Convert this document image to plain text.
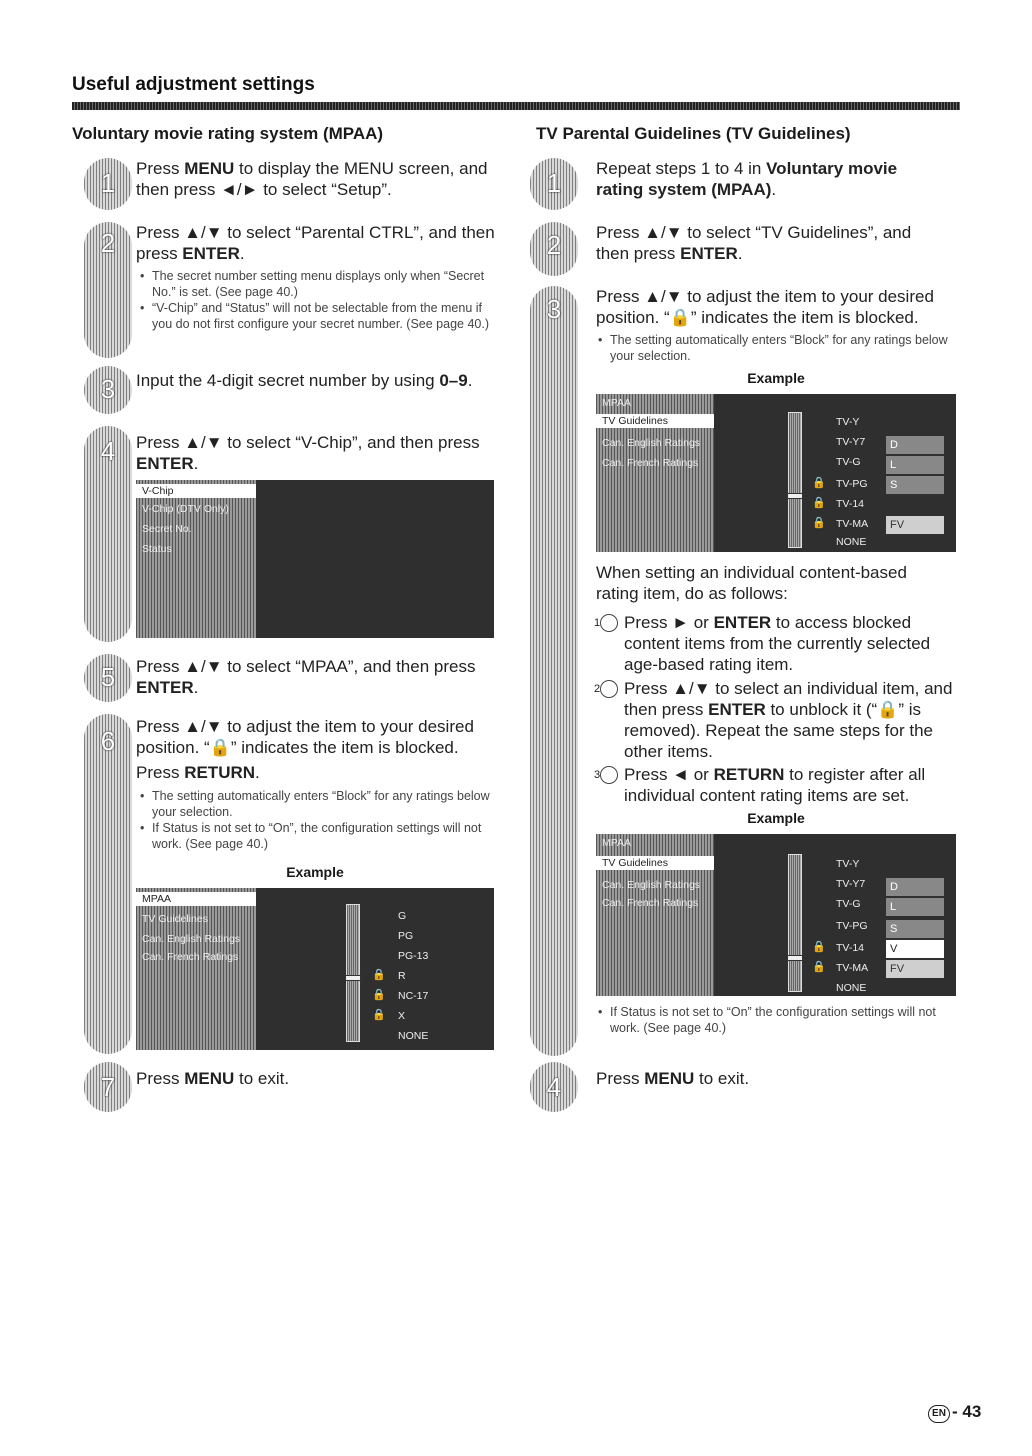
Useful adjustment settings
Voluntary movie rating system (MPAA)
1
2
3
4
5
6
7
Press MENU to display the MENU screen, and then press ◄/► to select “Setup”.
Press ▲/▼ to select “Parental CTRL”, and then press ENTER.
• The secret number setting menu displays only when “Secret No.” is set. (See page 40.)
• “V-Chip” and “Status” will not be selectable from the menu if you do not first configure your secret number. (See page 40.)
Input the 4-digit secret number by using 0–9.
Press ▲/▼ to select “V-Chip”, and then press ENTER.
V-Chip
V-Chip (DTV Only)
Secret No.
Status
Press ▲/▼ to select “MPAA”, and then press ENTER.
Press ▲/▼ to adjust the item to your desired position. “🔒” indicates the item is blocked.
Press RETURN.
• The setting automatically enters “Block” for any ratings below your selection.
• If Status is not set to “On”, the configuration settings will not work. (See page 40.)
Example
MPAA
TV Guidelines
Can. English Ratings
Can. French Ratings
G
PG
PG-13
🔒 R
🔒 NC-17
🔒 X
NONE
Press MENU to exit.
TV Parental Guidelines (TV Guidelines)
1
2
3
4
Repeat steps 1 to 4 in Voluntary movie rating system (MPAA).
Press ▲/▼ to select “TV Guidelines”, and then press ENTER.
Press ▲/▼ to adjust the item to your desired position. “🔒” indicates the item is blocked.
• The setting automatically enters “Block” for any ratings below your selection.
Example
MPAA
TV Guidelines
Can. English Ratings
Can. French Ratings
TV-Y
TV-Y7
TV-G
🔒 TV-PG
🔒 TV-14
🔒 TV-MA
NONE
D
L
S
FV
When setting an individual content-based rating item, do as follows:
1 Press ► or ENTER to access blocked content items from the currently selected age-based rating item.
2 Press ▲/▼ to select an individual item, and then press ENTER to unblock it (“🔒” is removed). Repeat the same steps for the other items.
3 Press ◄ or RETURN to register after all individual content rating items are set.
Example
MPAA
TV Guidelines
Can. English Ratings
Can. French Ratings
TV-Y
TV-Y7
TV-G
TV-PG
🔒 TV-14
🔒 TV-MA
NONE
D
L
S
V
FV
• If Status is not set to “On” the configuration settings will not work. (See page 40.)
Press MENU to exit.
EN - 43
